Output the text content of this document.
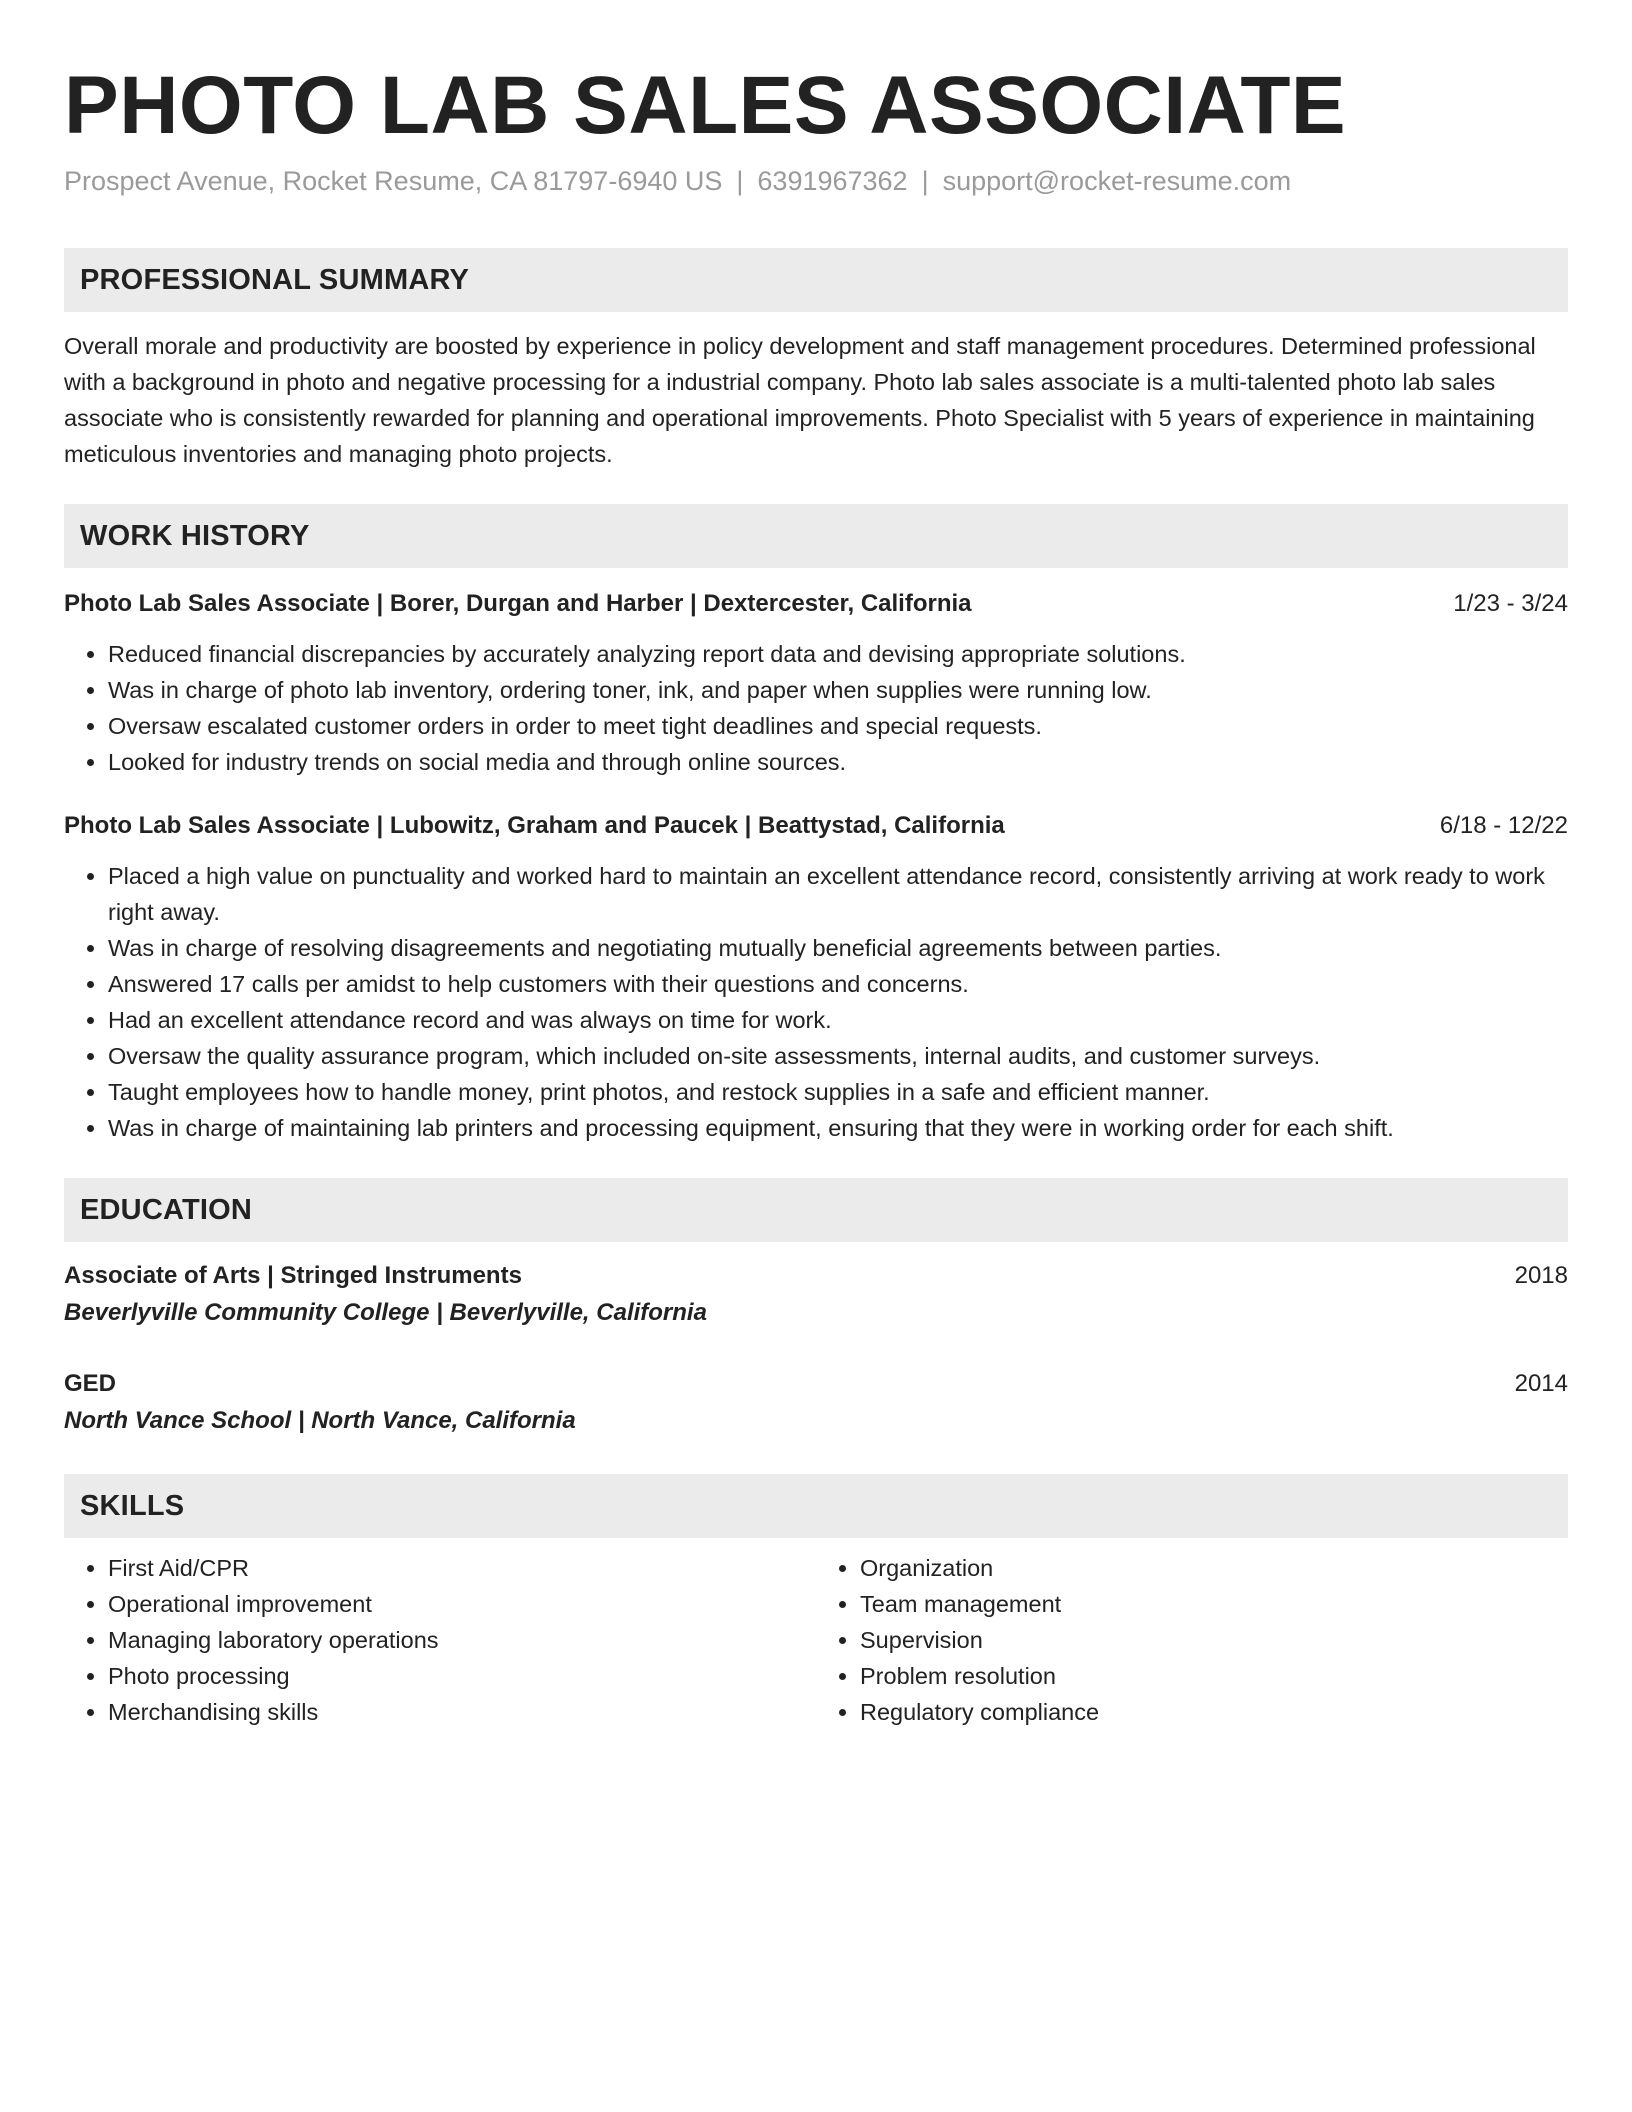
PHOTO LAB SALES ASSOCIATE
Prospect Avenue, Rocket Resume, CA 81797-6940 US | 6391967362 | support@rocket-resume.com
PROFESSIONAL SUMMARY
Overall morale and productivity are boosted by experience in policy development and staff management procedures. Determined professional with a background in photo and negative processing for a industrial company. Photo lab sales associate is a multi-talented photo lab sales associate who is consistently rewarded for planning and operational improvements. Photo Specialist with 5 years of experience in maintaining meticulous inventories and managing photo projects.
WORK HISTORY
Photo Lab Sales Associate | Borer, Durgan and Harber | Dextercester, California	1/23 - 3/24
• Reduced financial discrepancies by accurately analyzing report data and devising appropriate solutions.
• Was in charge of photo lab inventory, ordering toner, ink, and paper when supplies were running low.
• Oversaw escalated customer orders in order to meet tight deadlines and special requests.
• Looked for industry trends on social media and through online sources.
Photo Lab Sales Associate | Lubowitz, Graham and Paucek | Beattystad, California	6/18 - 12/22
• Placed a high value on punctuality and worked hard to maintain an excellent attendance record, consistently arriving at work ready to work right away.
• Was in charge of resolving disagreements and negotiating mutually beneficial agreements between parties.
• Answered 17 calls per amidst to help customers with their questions and concerns.
• Had an excellent attendance record and was always on time for work.
• Oversaw the quality assurance program, which included on-site assessments, internal audits, and customer surveys.
• Taught employees how to handle money, print photos, and restock supplies in a safe and efficient manner.
• Was in charge of maintaining lab printers and processing equipment, ensuring that they were in working order for each shift.
EDUCATION
Associate of Arts | Stringed Instruments	2018
Beverlyville Community College | Beverlyville, California
GED	2014
North Vance School | North Vance, California
SKILLS
• First Aid/CPR
• Operational improvement
• Managing laboratory operations
• Photo processing
• Merchandising skills
• Organization
• Team management
• Supervision
• Problem resolution
• Regulatory compliance
